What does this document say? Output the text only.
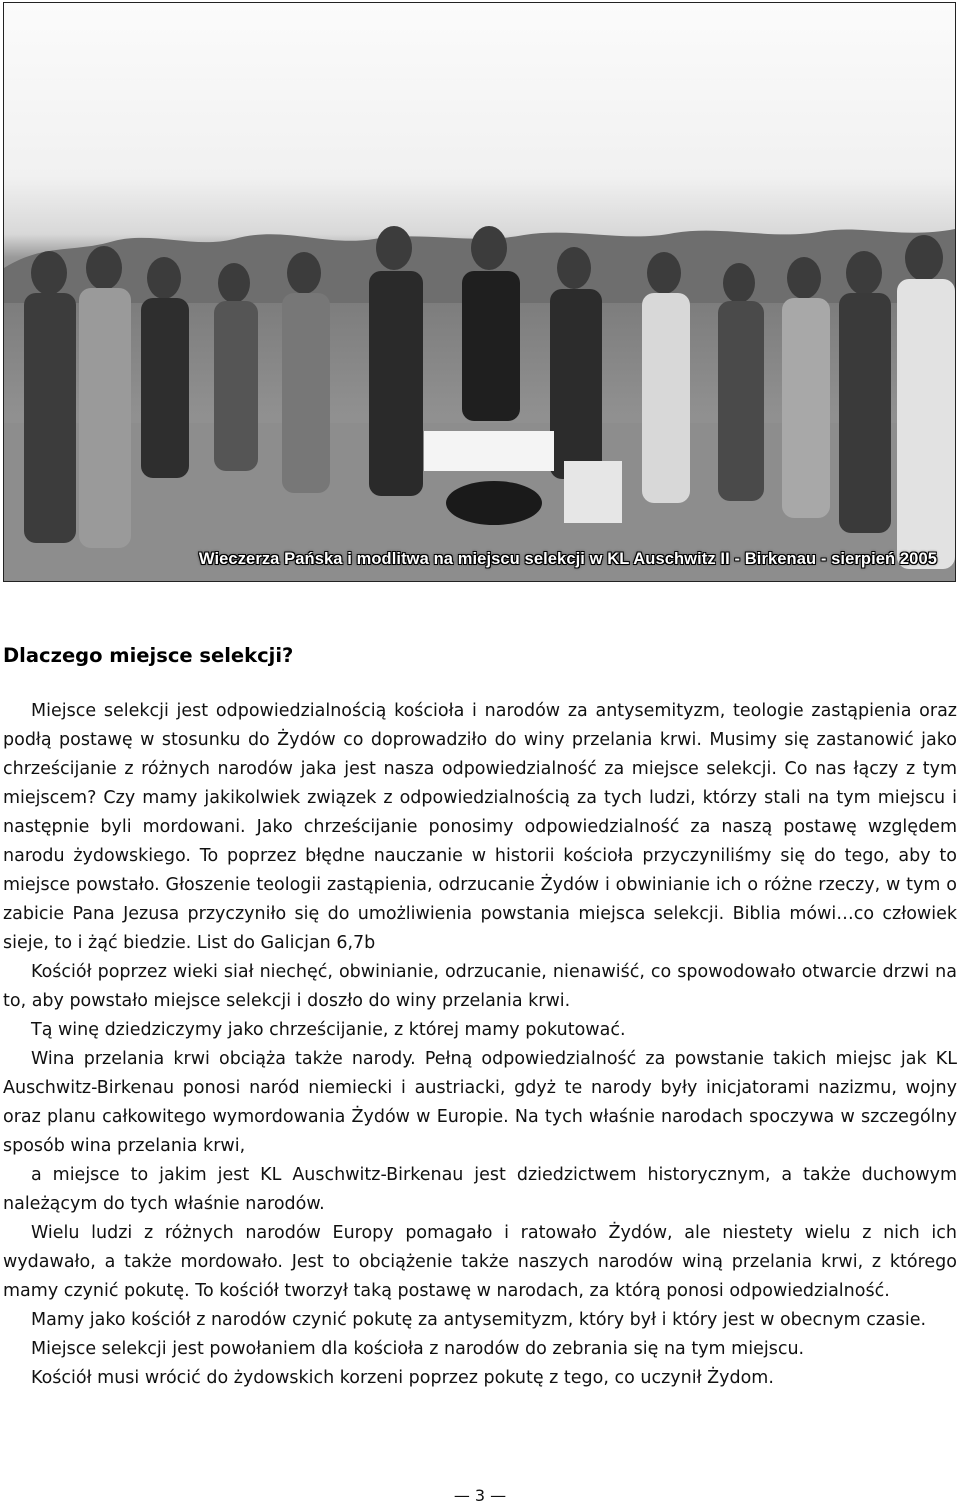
Wieczerza Pańska i modlitwa na miejscu selekcji w KL Auschwitz II - Birkenau - sierpień 2005
Dlaczego miejsce selekcji?

Miejsce selekcji jest odpowiedzialnością kościoła i narodów za antysemityzm, teologie zastąpienia oraz podłą postawę w stosunku do Żydów co doprowadziło do winy przelania krwi. Musimy się zastanowić jako chrześcijanie z różnych narodów jaka jest nasza odpowiedzialność za miejsce selekcji. Co nas łączy z tym miejscem? Czy mamy jakikolwiek związek z odpowiedzialnością za tych ludzi, którzy stali na tym miejscu i następnie byli mordowani. Jako chrześcijanie ponosimy odpowiedzialność za naszą postawę względem narodu żydowskiego. To poprzez błędne nauczanie w historii kościoła przyczyniliśmy się do tego, aby to miejsce powstało. Głoszenie teologii zastąpienia, odrzucanie Żydów i obwinianie ich o różne rzeczy, w tym o zabicie Pana Jezusa przyczyniło się do umożliwienia powstania miejsca selekcji. Biblia mówi…co człowiek sieje, to i żąć biedzie. List do Galicjan 6,7b

Kościół poprzez wieki siał niechęć, obwinianie, odrzucanie, nienawiść, co spowodowało otwarcie drzwi na to, aby powstało miejsce selekcji i doszło do winy przelania krwi.

Tą winę dziedziczymy jako chrześcijanie, z której mamy pokutować.

Wina przelania krwi obciąża także narody. Pełną odpowiedzialność za powstanie takich miejsc jak KL Auschwitz-Birkenau ponosi naród niemiecki i austriacki, gdyż te narody były inicjatorami nazizmu, wojny oraz planu całkowitego wymordowania Żydów w Europie. Na tych właśnie narodach spoczywa w szczególny sposób wina przelania krwi,

a miejsce to jakim jest KL Auschwitz-Birkenau jest dziedzictwem historycznym, a także duchowym należącym do tych właśnie narodów.

Wielu ludzi z różnych narodów Europy pomagało i ratowało Żydów, ale niestety wielu z nich ich wydawało, a także mordowało. Jest to obciążenie także naszych narodów winą przelania krwi, z którego mamy czynić pokutę. To kościół tworzył taką postawę w narodach, za którą ponosi odpowiedzialność.

Mamy jako kościół z narodów czynić pokutę za antysemityzm, który był i który jest w obecnym czasie.

Miejsce selekcji jest powołaniem dla kościoła z narodów do zebrania się na tym miejscu.

Kościół musi wrócić do żydowskich korzeni poprzez pokutę z tego, co uczynił Żydom.

— 3 —
